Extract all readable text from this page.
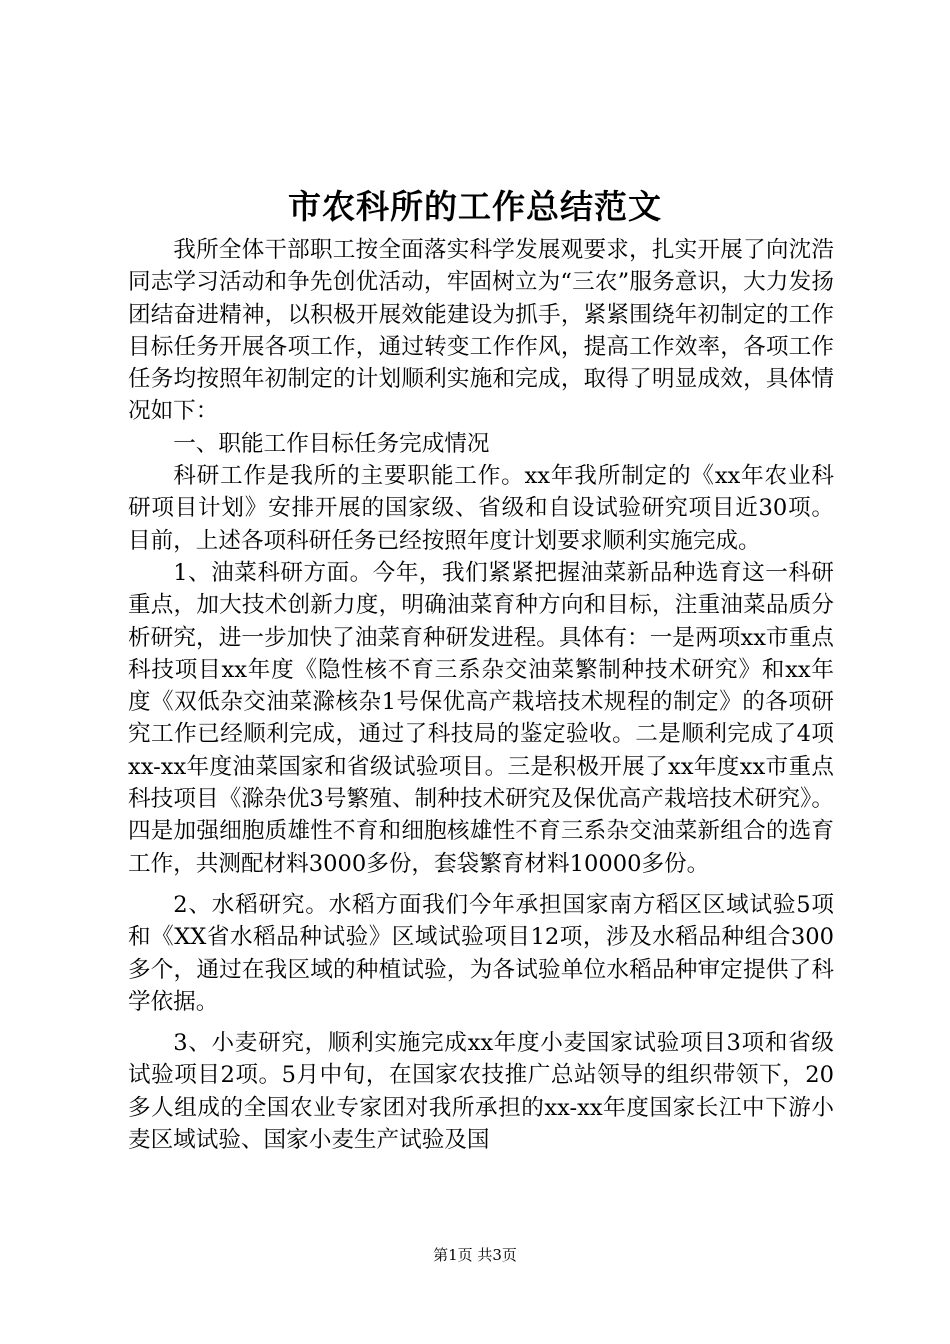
市农科所的工作总结范文

我所全体干部职工按全面落实科学发展观要求，扎实开展了向沈浩同志学习活动和争先创优活动，牢固树立为“三农”服务意识，大力发扬团结奋进精神，以积极开展效能建设为抓手，紧紧围绕年初制定的工作目标任务开展各项工作，通过转变工作作风，提高工作效率，各项工作任务均按照年初制定的计划顺利实施和完成，取得了明显成效，具体情况如下：

一、职能工作目标任务完成情况

科研工作是我所的主要职能工作。xx年我所制定的《xx年农业科研项目计划》安排开展的国家级、省级和自设试验研究项目近30项。目前，上述各项科研任务已经按照年度计划要求顺利实施完成。

1、油菜科研方面。今年，我们紧紧把握油菜新品种选育这一科研重点，加大技术创新力度，明确油菜育种方向和目标，注重油菜品质分析研究，进一步加快了油菜育种研发进程。具体有：一是两项xx市重点科技项目xx年度《隐性核不育三系杂交油菜繁制种技术研究》和xx年度《双低杂交油菜滁核杂1号保优高产栽培技术规程的制定》的各项研究工作已经顺利完成，通过了科技局的鉴定验收。二是顺利完成了4项xx-xx年度油菜国家和省级试验项目。三是积极开展了xx年度xx市重点科技项目《滁杂优3号繁殖、制种技术研究及保优高产栽培技术研究》。四是加强细胞质雄性不育和细胞核雄性不育三系杂交油菜新组合的选育工作，共测配材料3000多份，套袋繁育材料10000多份。

2、水稻研究。水稻方面我们今年承担国家南方稻区区域试验5项和《XX省水稻品种试验》区域试验项目12项，涉及水稻品种组合300多个，通过在我区域的种植试验，为各试验单位水稻品种审定提供了科学依据。

3、小麦研究，顺利实施完成xx年度小麦国家试验项目3项和省级试验项目2项。5月中旬，在国家农技推广总站领导的组织带领下，20多人组成的全国农业专家团对我所承担的xx-xx年度国家长江中下游小麦区域试验、国家小麦生产试验及国

第1页 共3页
